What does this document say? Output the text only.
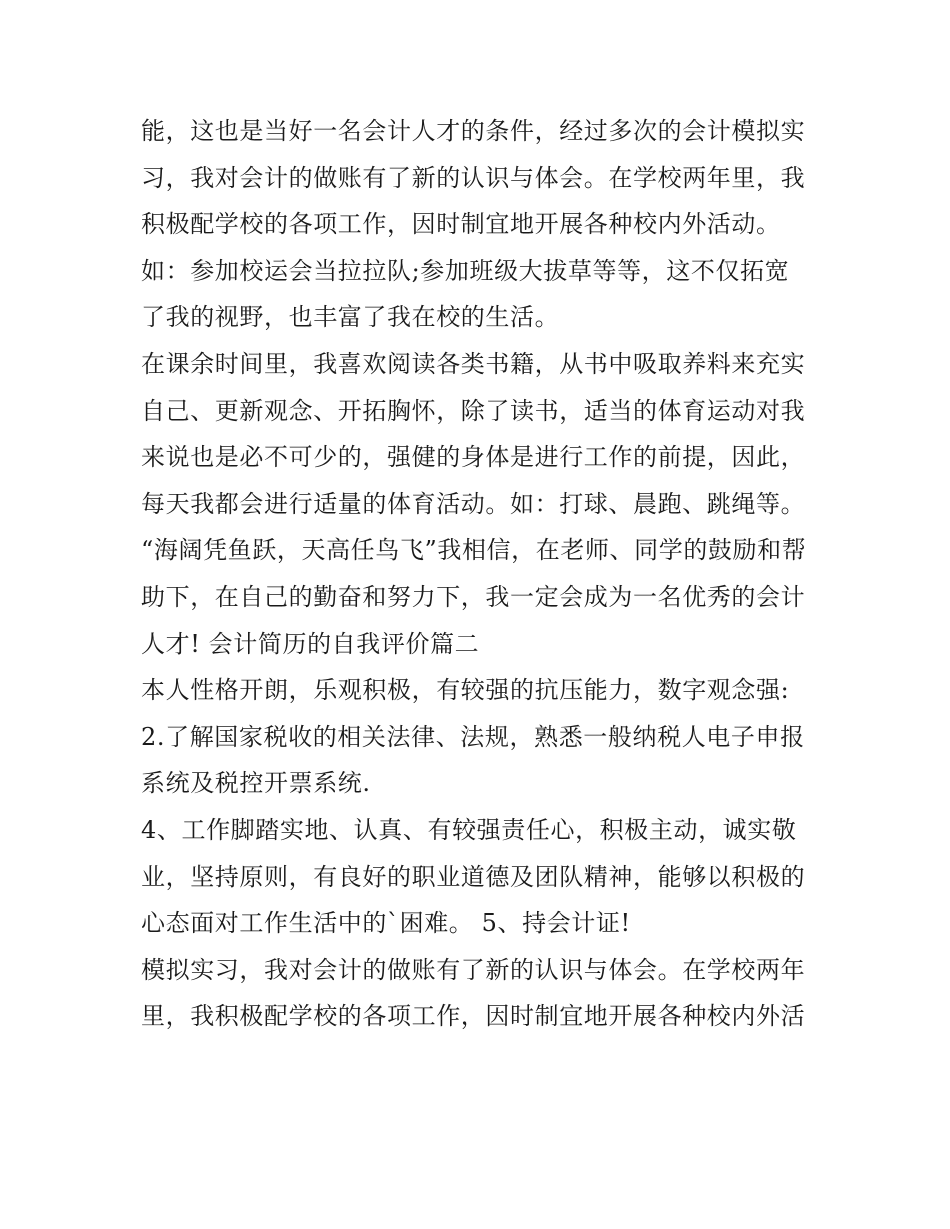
能，这也是当好一名会计人才的条件，经过多次的会计模拟实
习，我对会计的做账有了新的认识与体会。在学校两年里，我
积极配学校的各项工作，因时制宜地开展各种校内外活动。
如：参加校运会当拉拉队;参加班级大拔草等等，这不仅拓宽
了我的视野，也丰富了我在校的生活。
在课余时间里，我喜欢阅读各类书籍，从书中吸取养料来充实
自己、更新观念、开拓胸怀，除了读书，适当的体育运动对我
来说也是必不可少的，强健的身体是进行工作的前提，因此，
每天我都会进行适量的体育活动。如：打球、晨跑、跳绳等。
“海阔凭鱼跃，天高任鸟飞”我相信，在老师、同学的鼓励和帮
助下，在自己的勤奋和努力下，我一定会成为一名优秀的会计
人才! 会计简历的自我评价篇二
本人性格开朗，乐观积极，有较强的抗压能力，数字观念强:
2.了解国家税收的相关法律、法规，熟悉一般纳税人电子申报
系统及税控开票系统.
4、工作脚踏实地、认真、有较强责任心，积极主动，诚实敬
业，坚持原则，有良好的职业道德及团队精神，能够以积极的
心态面对工作生活中的`困难。 5、持会计证!
模拟实习，我对会计的做账有了新的认识与体会。在学校两年
里，我积极配学校的各项工作，因时制宜地开展各种校内外活
